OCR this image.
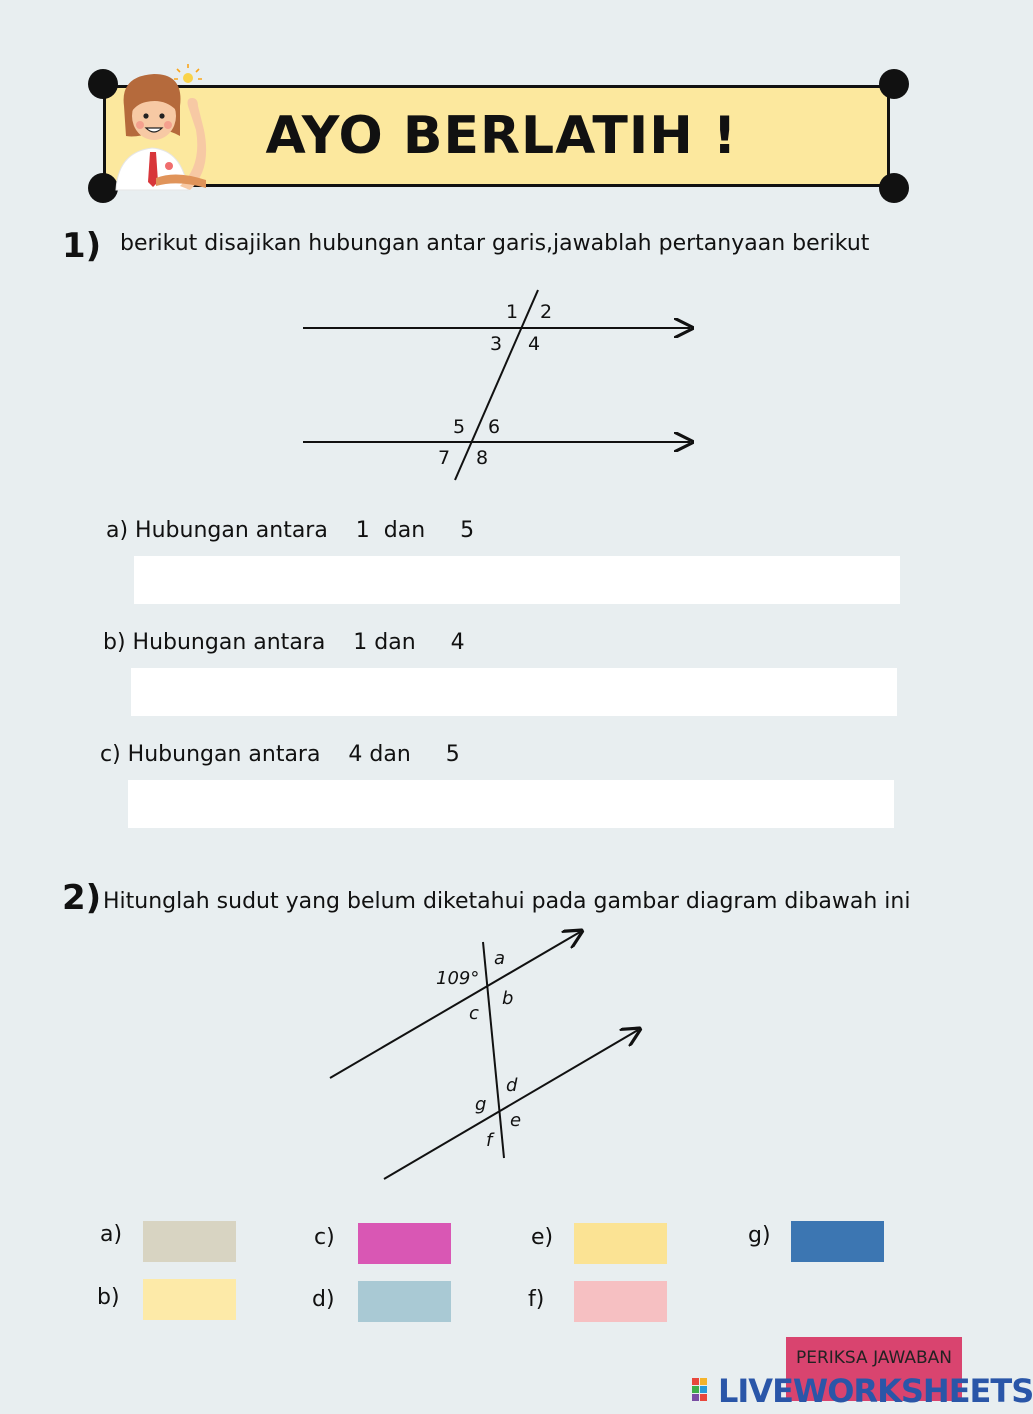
AYO BERLATIH !
1) berikut disajikan hubungan antar garis,jawablah pertanyaan berikut
1 2
3 4
5 6
7 8
a) Hubungan antara    1  dan     5
b) Hubungan antara    1 dan     4
c) Hubungan antara    4 dan     5
2) Hitunglah sudut yang belum diketahui pada gambar diagram dibawah ini
109°
a
b
c
d
g
e
f
a)
b)
c)
d)
e)
f)
g)
PERIKSA JAWABAN
LIVEWORKSHEETS
